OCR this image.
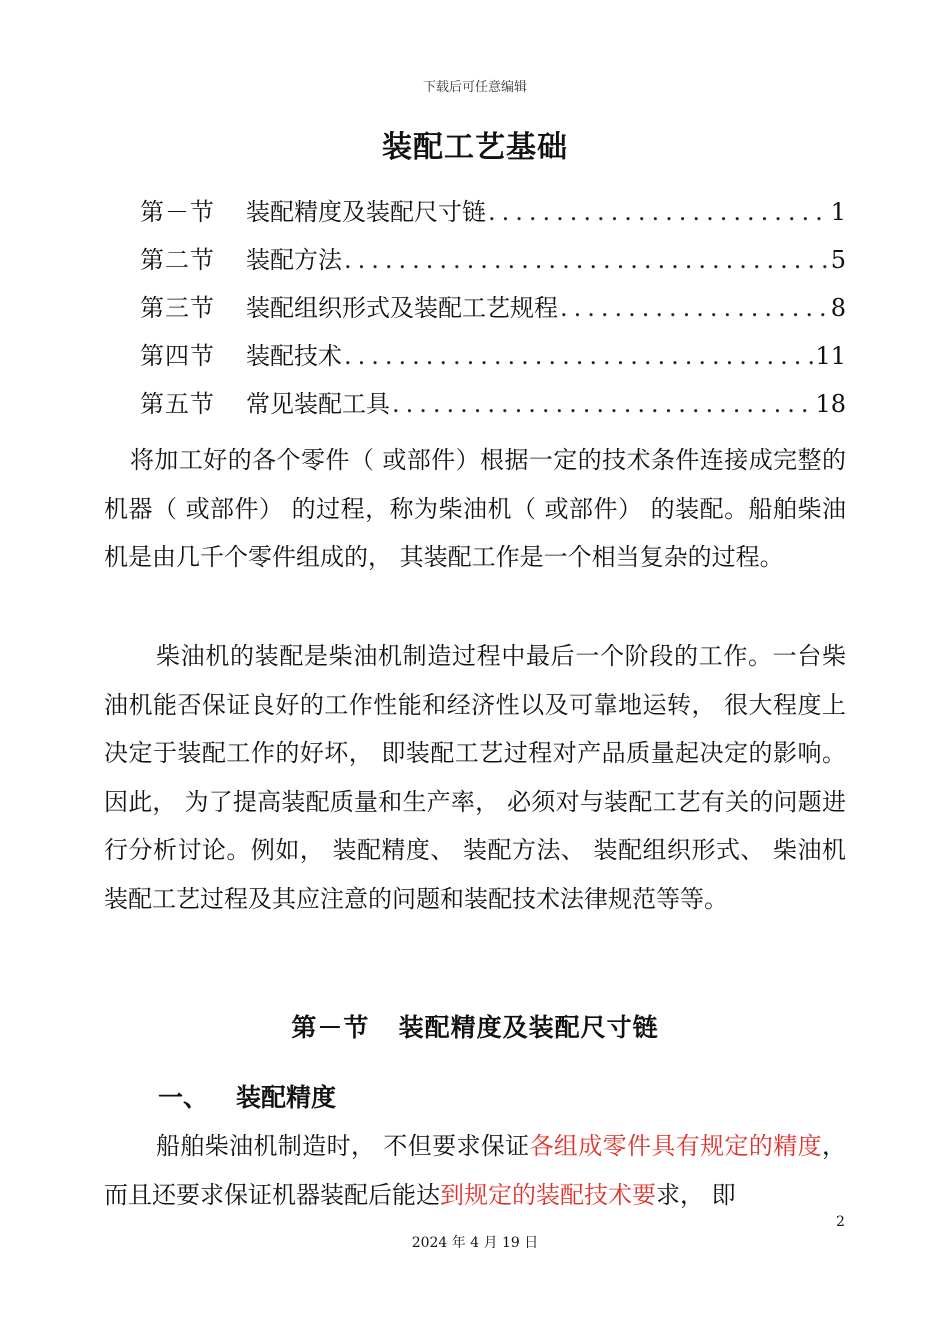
下载后可任意编辑
装配工艺基础
第－节	装配精度及装配尺寸链 .....	1
第二节	装配方法 .....	5
第三节	装配组织形式及装配工艺规程 .....	8
第四节	装配技术 .....	11
第五节	常见装配工具 .....	18

将加工好的各个零件（ 或部件）根据一定的技术条件连接成完整的机器（ 或部件） 的过程，称为柴油机（ 或部件） 的装配。船舶柴油机是由几千个零件组成的， 其装配工作是一个相当复杂的过程。

柴油机的装配是柴油机制造过程中最后一个阶段的工作。一台柴油机能否保证良好的工作性能和经济性以及可靠地运转， 很大程度上决定于装配工作的好坏， 即装配工艺过程对产品质量起决定的影响。因此， 为了提高装配质量和生产率， 必须对与装配工艺有关的问题进行分析讨论。例如， 装配精度、 装配方法、 装配组织形式、 柴油机装配工艺过程及其应注意的问题和装配技术法律规范等等。

第－节 装配精度及装配尺寸链
一、 装配精度

船舶柴油机制造时， 不但要求保证各组成零件具有规定的精度， 而且还要求保证机器装配后能达到规定的装配技术要求， 即

2
2024 年 4 月 19 日
